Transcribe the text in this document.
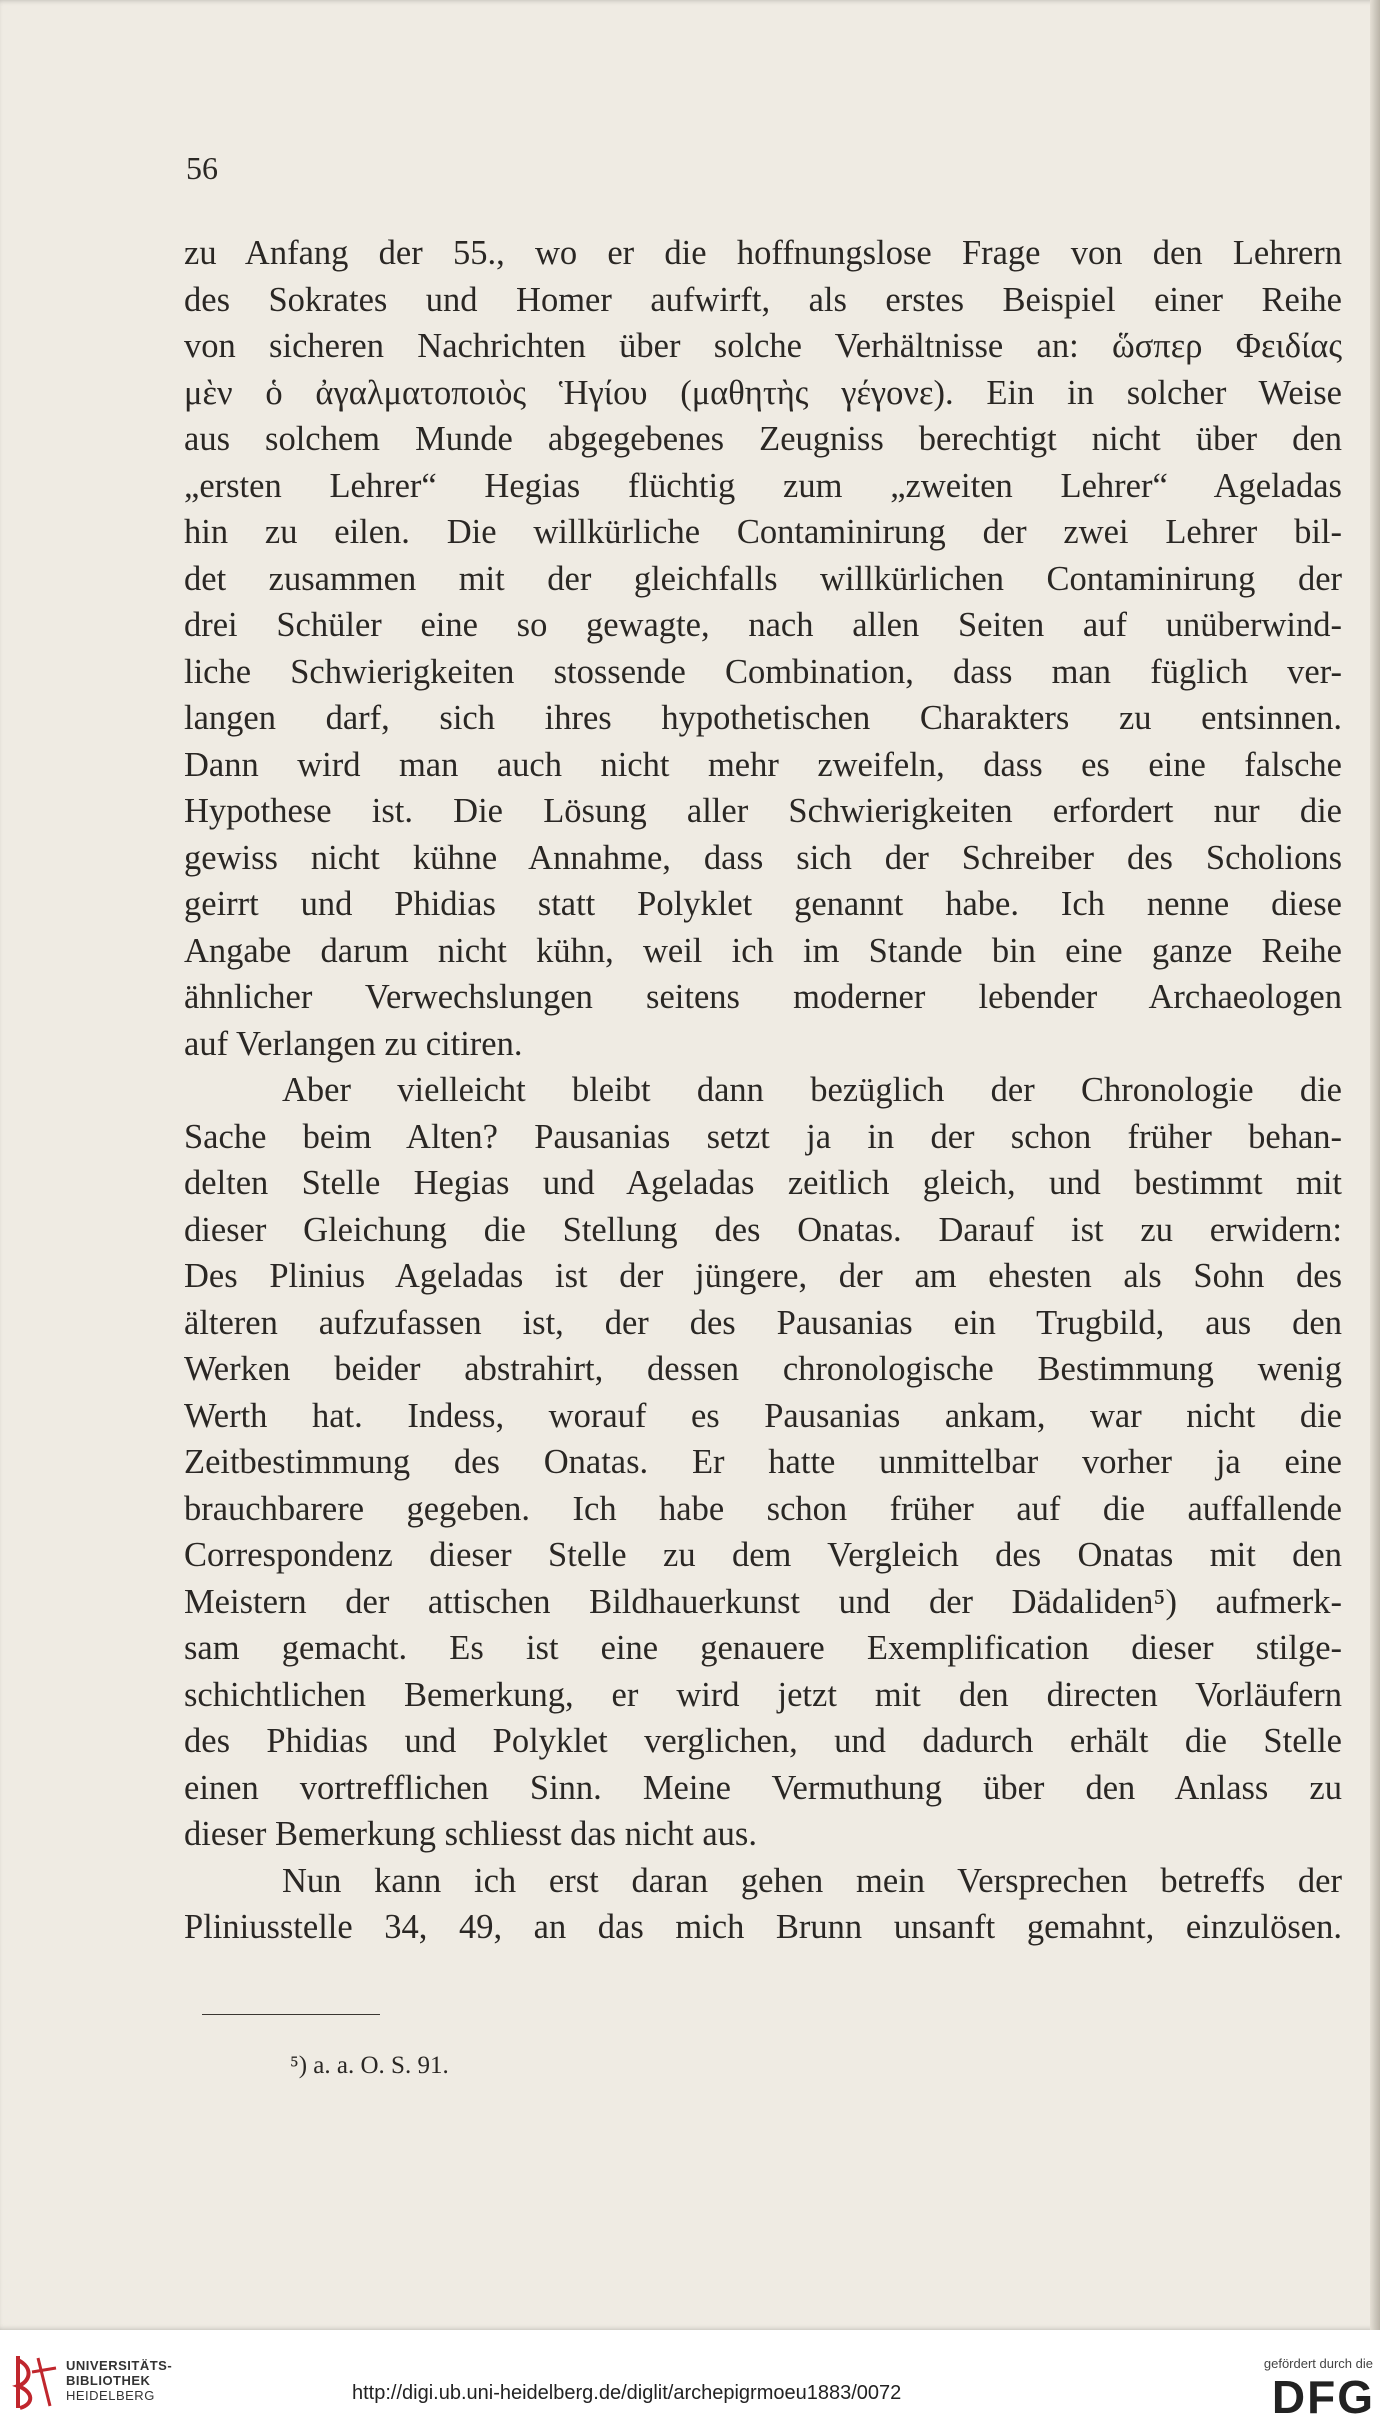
56

zu Anfang der 55., wo er die hoffnungslose Frage von den Lehrern
des Sokrates und Homer aufwirft, als erstes Beispiel einer Reihe
von sicheren Nachrichten über solche Verhältnisse an: ὥσπερ Φειδίας
μὲν ὁ ἀγαλματοποιὸς Ἡγίου (μαθητὴς γέγονε). Ein in solcher Weise
aus solchem Munde abgegebenes Zeugniss berechtigt nicht über den
„ersten Lehrer“ Hegias flüchtig zum „zweiten Lehrer“ Ageladas
hin zu eilen. Die willkürliche Contaminirung der zwei Lehrer bil-
det zusammen mit der gleichfalls willkürlichen Contaminirung der
drei Schüler eine so gewagte, nach allen Seiten auf unüberwind-
liche Schwierigkeiten stossende Combination, dass man füglich ver-
langen darf, sich ihres hypothetischen Charakters zu entsinnen.
Dann wird man auch nicht mehr zweifeln, dass es eine falsche
Hypothese ist. Die Lösung aller Schwierigkeiten erfordert nur die
gewiss nicht kühne Annahme, dass sich der Schreiber des Scholions
geirrt und Phidias statt Polyklet genannt habe. Ich nenne diese
Angabe darum nicht kühn, weil ich im Stande bin eine ganze Reihe
ähnlicher Verwechslungen seitens moderner lebender Archaeologen
auf Verlangen zu citiren.

Aber vielleicht bleibt dann bezüglich der Chronologie die
Sache beim Alten? Pausanias setzt ja in der schon früher behan-
delten Stelle Hegias und Ageladas zeitlich gleich, und bestimmt mit
dieser Gleichung die Stellung des Onatas. Darauf ist zu erwidern:
Des Plinius Ageladas ist der jüngere, der am ehesten als Sohn des
älteren aufzufassen ist, der des Pausanias ein Trugbild, aus den
Werken beider abstrahirt, dessen chronologische Bestimmung wenig
Werth hat. Indess, worauf es Pausanias ankam, war nicht die
Zeitbestimmung des Onatas. Er hatte unmittelbar vorher ja eine
brauchbarere gegeben. Ich habe schon früher auf die auffallende
Correspondenz dieser Stelle zu dem Vergleich des Onatas mit den
Meistern der attischen Bildhauerkunst und der Dädaliden⁵) aufmerk-
sam gemacht. Es ist eine genauere Exemplification dieser stilge-
schichtlichen Bemerkung, er wird jetzt mit den directen Vorläufern
des Phidias und Polyklet verglichen, und dadurch erhält die Stelle
einen vortrefflichen Sinn. Meine Vermuthung über den Anlass zu
dieser Bemerkung schliesst das nicht aus.

Nun kann ich erst daran gehen mein Versprechen betreffs der
Pliniusstelle 34, 49, an das mich Brunn unsanft gemahnt, einzulösen.

⁵) a. a. O. S. 91.
UNIVERSITÄTS-
BIBLIOTHEK
HEIDELBERG	http://digi.ub.uni-heidelberg.de/diglit/archepigrmoeu1883/0072
gefördert durch die
DFG
